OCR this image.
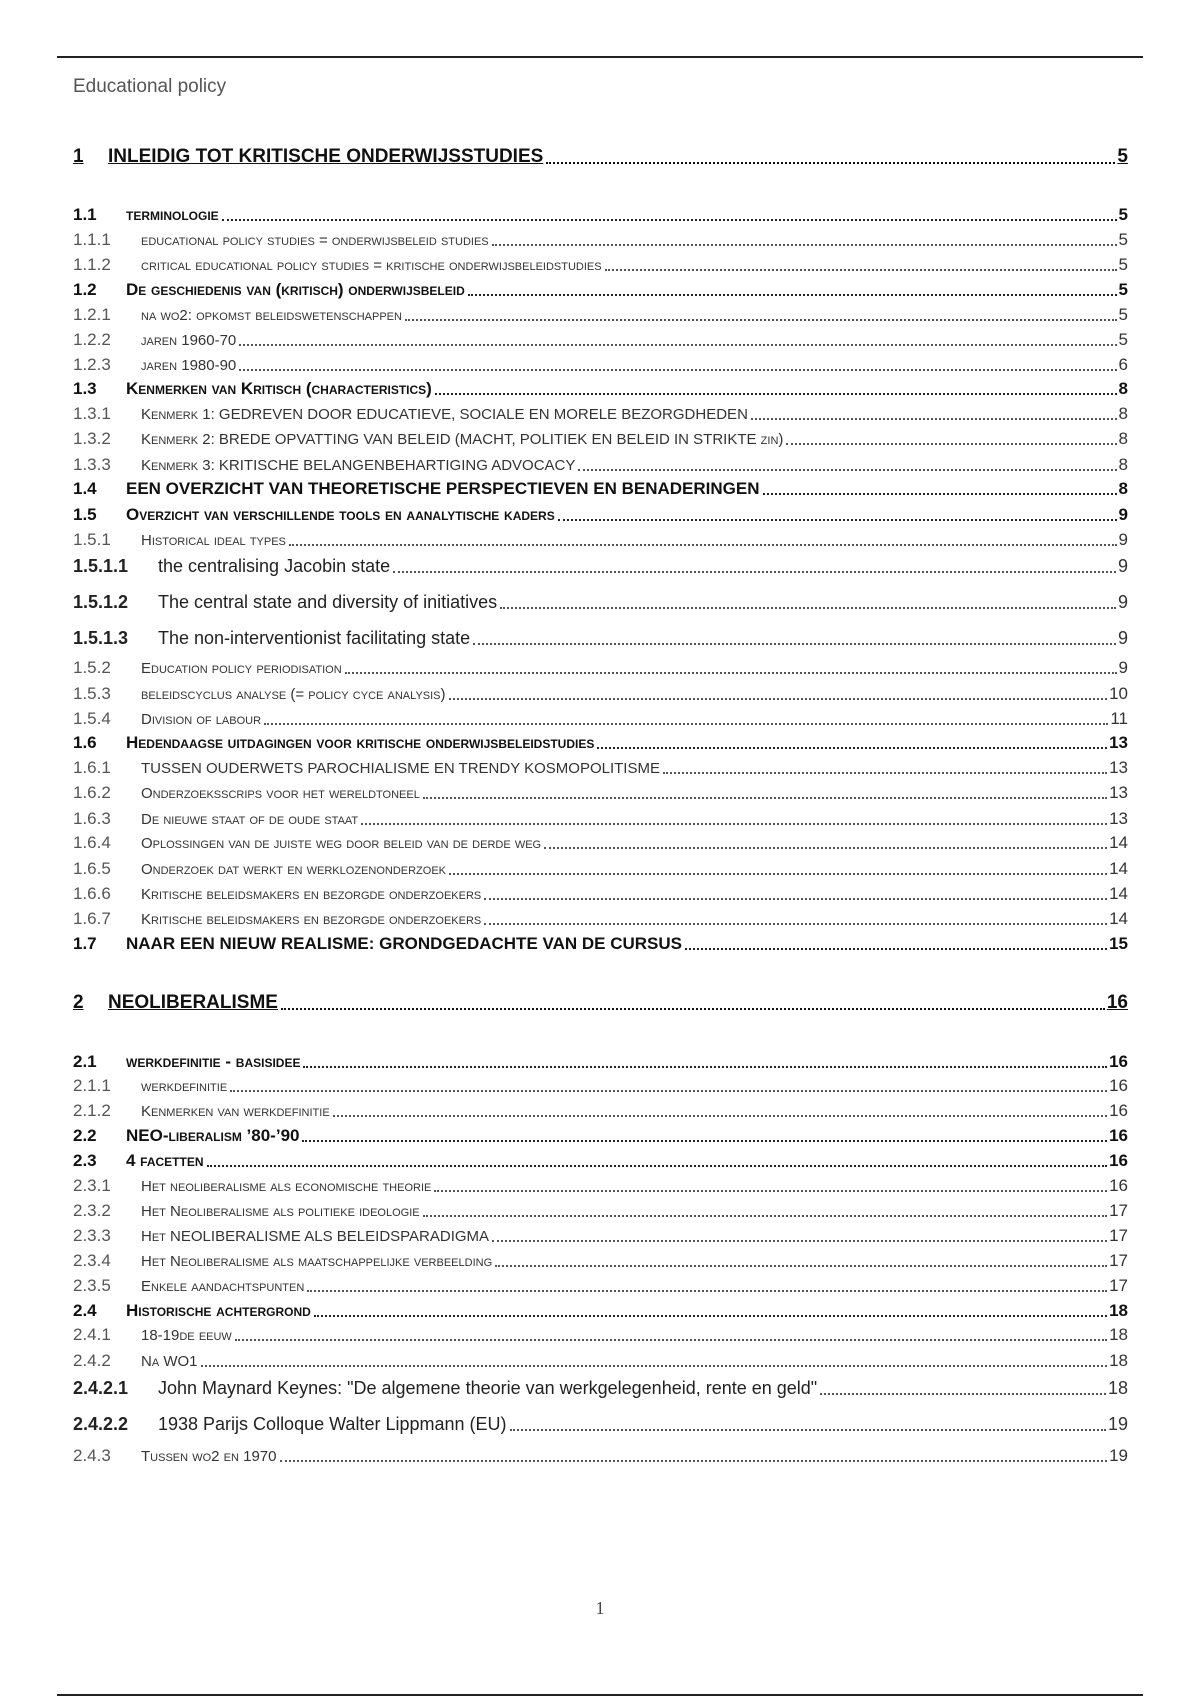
Educational policy
1	INLEIDIG TOT KRITISCHE ONDERWIJSSTUDIES	5
1.1	terminologie	5
1.1.1	educational policy studies = onderwijsbeleid studies	5
1.1.2	critical educational policy studies = kritische onderwijsbeleidstudies	5
1.2	De geschiedenis van (kritisch) onderwijsbeleid	5
1.2.1	na wo2: opkomst beleidswetenschappen	5
1.2.2	jaren 1960-70	5
1.2.3	jaren 1980-90	6
1.3	Kenmerken van Kritisch (characteristics)	8
1.3.1	Kenmerk 1: GEDREVEN DOOR EDUCATIEVE, SOCIALE EN MORELE BEZORGDHEDEN	8
1.3.2	Kenmerk 2: BREDE OPVATTING VAN BELEID (MACHT, POLITIEK EN BELEID IN STRIKTE zin)	8
1.3.3	Kenmerk 3: KRITISCHE BELANGENBEHARTIGING ADVOCACY	8
1.4	EEN OVERZICHT VAN THEORETISCHE PERSPECTIEVEN EN BENADERINGEN	8
1.5	Overzicht van verschillende tools en aanalytische kaders	9
1.5.1	Historical ideal types	9
1.5.1.1	the centralising Jacobin state	9
1.5.1.2	The central state and diversity of initiatives	9
1.5.1.3	The non-interventionist facilitating state	9
1.5.2	Education policy periodisation	9
1.5.3	beleidscyclus analyse (= policy cyce analysis)	10
1.5.4	Division of labour	11
1.6	Hedendaagse uitdagingen voor kritische onderwijsbeleidstudies	13
1.6.1	TUSSEN OUDERWETS PAROCHIALISME EN TRENDY KOSMOPOLITISME	13
1.6.2	Onderzoeksscrips voor het wereldtoneel	13
1.6.3	De nieuwe staat of de oude staat	13
1.6.4	Oplossingen van de juiste weg door beleid van de derde weg	14
1.6.5	Onderzoek dat werkt en werklozenonderzoek	14
1.6.6	Kritische beleidsmakers en bezorgde onderzoekers	14
1.6.7	Kritische beleidsmakers en bezorgde onderzoekers	14
1.7	NAAR EEN NIEUW REALISME: GRONDGEDACHTE VAN DE CURSUS	15
2	NEOLIBERALISME	16
2.1	werkdefinitie - basisidee	16
2.1.1	werkdefinitie	16
2.1.2	Kenmerken van werkdefinitie	16
2.2	NEO-liberalism ’80-’90	16
2.3	4 facetten	16
2.3.1	Het neoliberalisme als economische theorie	16
2.3.2	Het Neoliberalisme als politieke ideologie	17
2.3.3	Het NEOLIBERALISME ALS BELEIDSPARADIGMA	17
2.3.4	Het Neoliberalisme als maatschappelijke verbeelding	17
2.3.5	Enkele aandachtspunten	17
2.4	Historische achtergrond	18
2.4.1	18-19de eeuw	18
2.4.2	Na WO1	18
2.4.2.1	John Maynard Keynes: "De algemene theorie van werkgelegenheid, rente en geld"	18
2.4.2.2	1938 Parijs Colloque Walter Lippmann (EU)	19
2.4.3	Tussen wo2 en 1970	19
1
